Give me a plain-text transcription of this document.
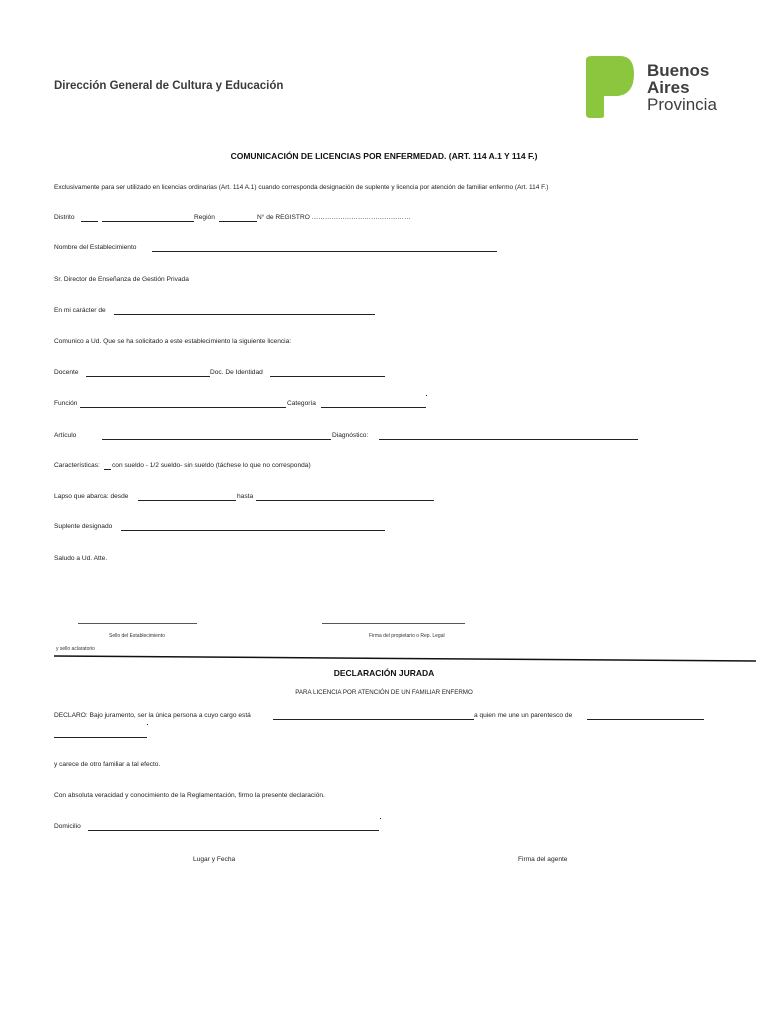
Dirección General de Cultura y Educación
Buenos
Aires
Provincia
COMUNICACIÓN DE LICENCIAS POR ENFERMEDAD. (ART. 114 A.1 Y 114 F.)
Exclusivamente para ser utilizado en licencias ordinarias (Art. 114 A.1) cuando corresponda designación de suplente y licencia por atención de familiar enfermo (Art. 114 F.)
Distrito	Región	N° de REGISTRO ………………………………………
Nombre del Establecimiento
Sr. Director de Enseñanza de Gestión Privada
En mi carácter de
Comunico a Ud. Que se ha solicitado a este establecimiento la siguiente licencia:
Docente	Doc. De Identidad
Función	Categoría
Artículo	Diagnóstico:
Características: con sueldo - 1/2 sueldo- sin sueldo (táchese lo que no corresponda)
Lapso que abarca: desde	hasta
Suplente designado
Saludo a Ud. Atte.
Sello del Establecimiento	Firma del propietario o Rep. Legal
y sello aclaratorio
DECLARACIÓN JURADA
PARA LICENCIA POR ATENCIÓN DE UN FAMILIAR ENFERMO
DECLARO: Bajo juramento, ser la única persona a cuyo cargo está	a quien me une un parentesco de
y carece de otro familiar a tal efecto.
Con absoluta veracidad y conocimiento de la Reglamentación, firmo la presente declaración.
Domicilio
Lugar y Fecha	Firma del agente
